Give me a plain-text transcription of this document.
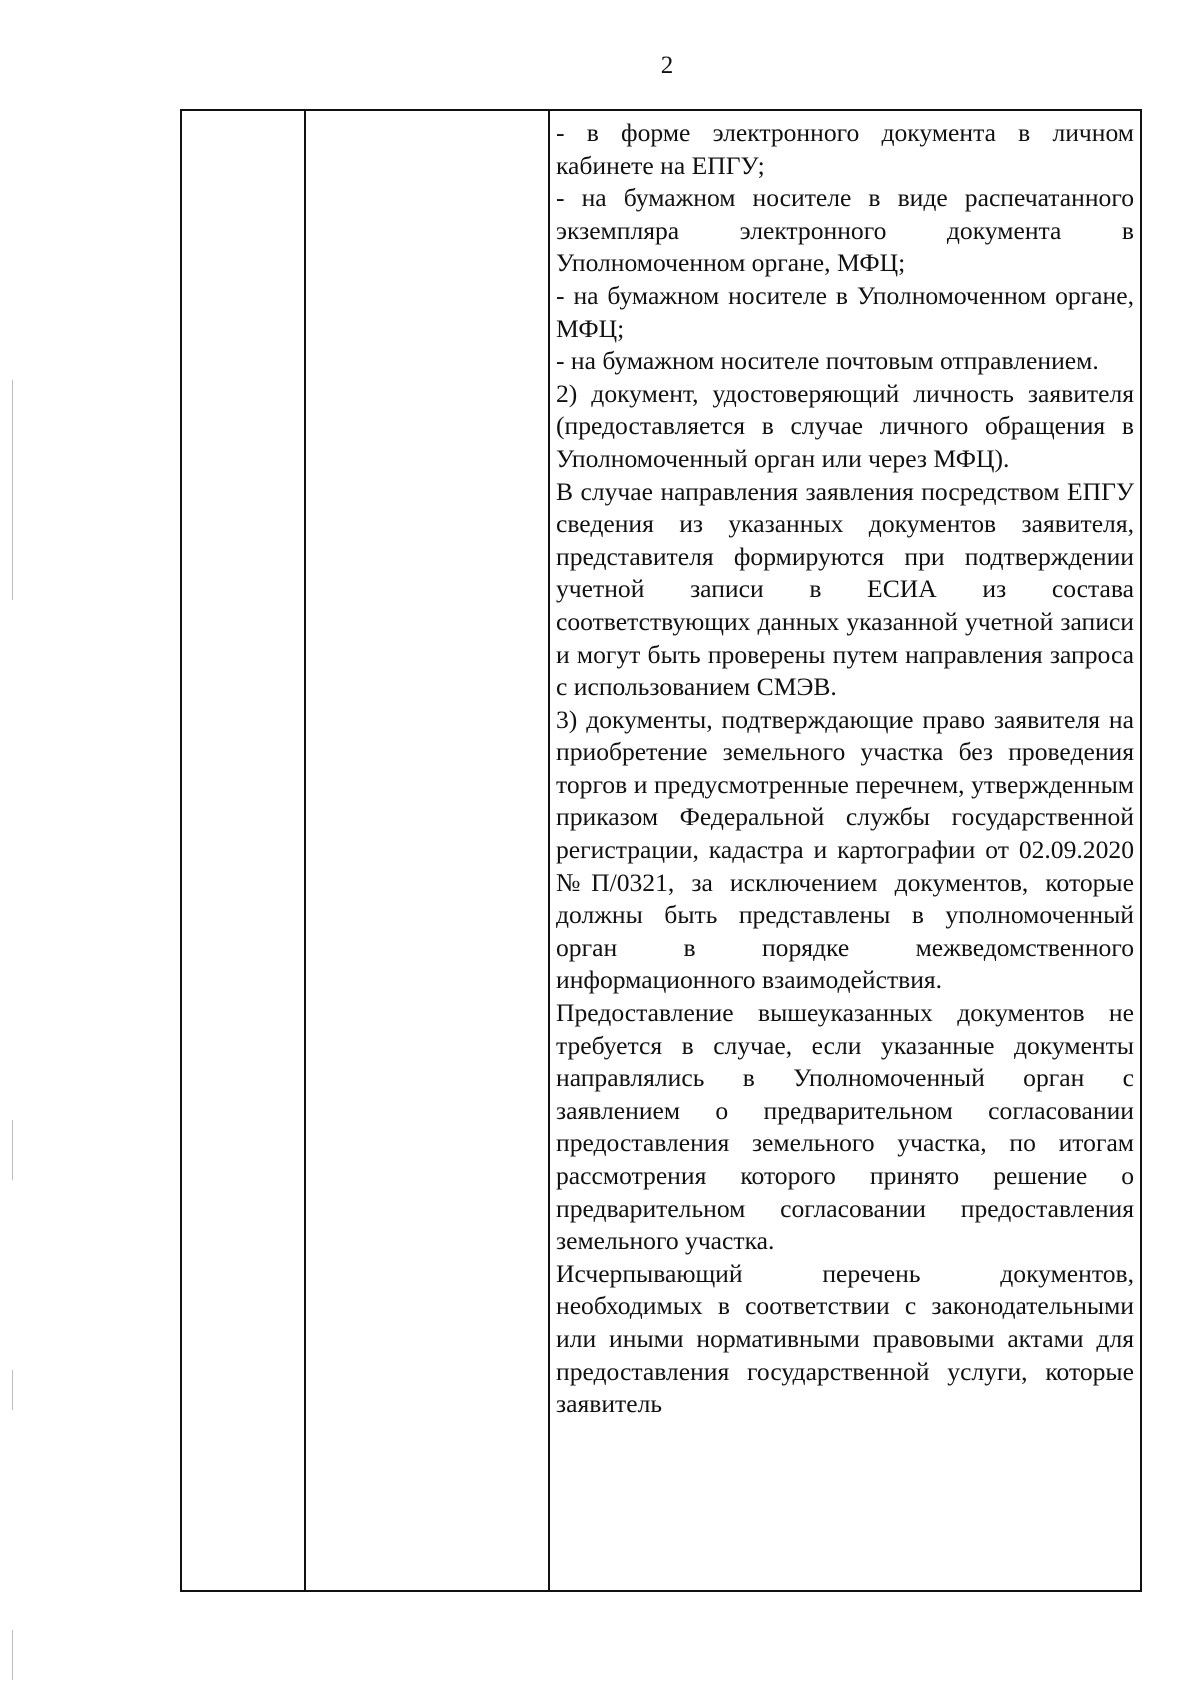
2

- в форме электронного документа в личном кабинете на ЕПГУ;

- на бумажном носителе в виде распечатанного экземпляра электронного документа в Уполномоченном органе, МФЦ;

- на бумажном носителе в Уполномоченном органе, МФЦ;

- на бумажном носителе почтовым отправлением.

2) документ, удостоверяющий личность заявителя (предоставляется в случае личного обращения в Уполномоченный орган или через МФЦ).

В случае направления заявления посредством ЕПГУ сведения из указанных документов заявителя, представителя формируются при подтверждении учетной записи в ЕСИА из состава соответствующих данных указанной учетной записи и могут быть проверены путем направления запроса с использованием СМЭВ.

3) документы, подтверждающие право заявителя на приобретение земельного участка без проведения торгов и предусмотренные перечнем, утвержденным приказом Федеральной службы государственной регистрации, кадастра и картографии от 02.09.2020 №П/0321, за исключением документов, которые должны быть представлены в уполномоченный орган в порядке межведомственного информационного взаимодействия.

Предоставление вышеуказанных документов не требуется в случае, если указанные документы направлялись в Уполномоченный орган с заявлением о предварительном согласовании предоставления земельного участка, по итогам рассмотрения которого принято решение о предварительном согласовании предоставления земельного участка.

Исчерпывающий перечень документов, необходимых в соответствии с законодательными или иными нормативными правовыми актами для предоставления государственной услуги, которые заявитель
